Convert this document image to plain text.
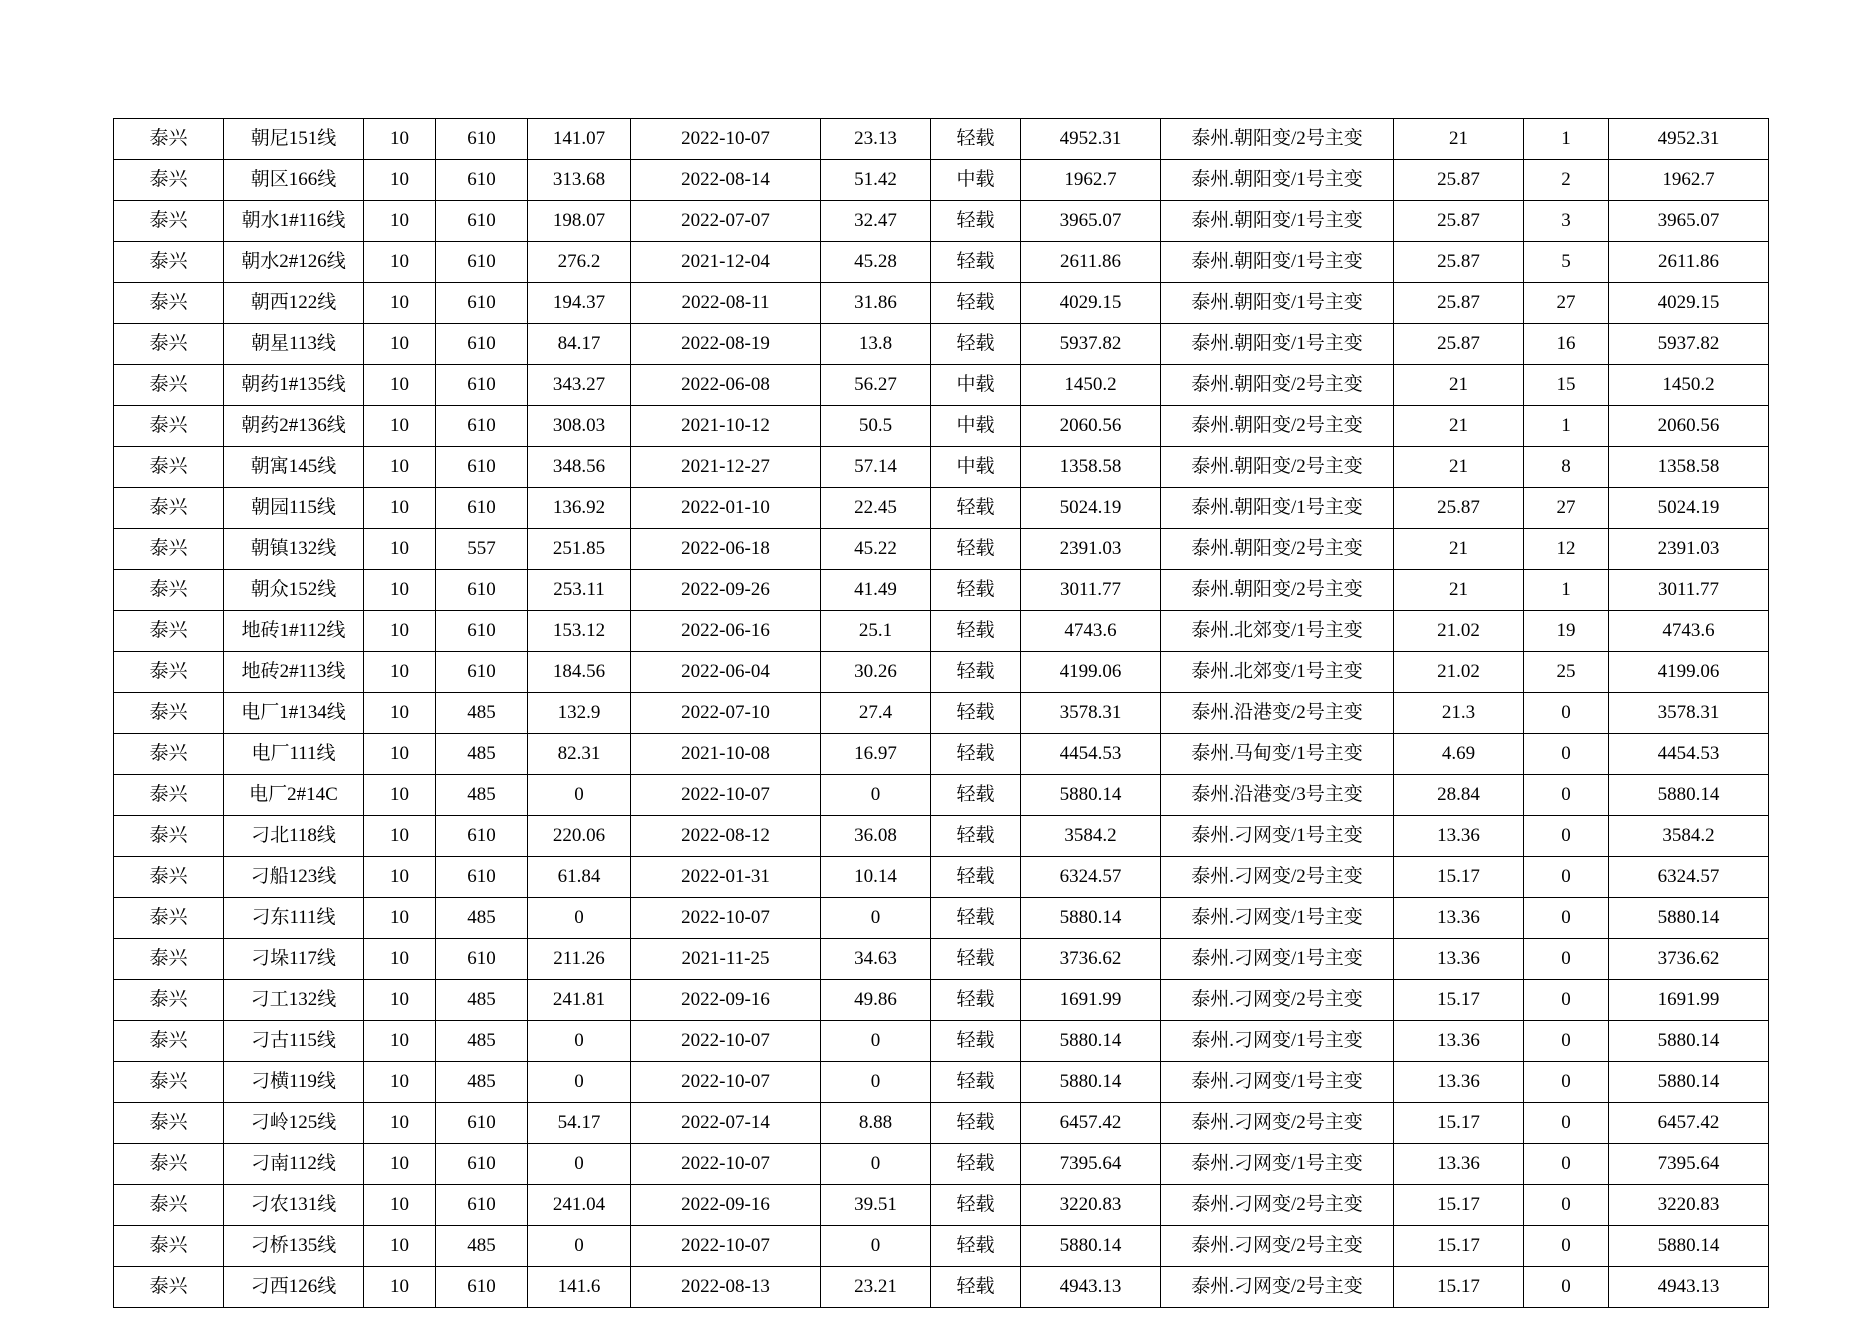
泰兴	朝尼151线	10	610	141.07	2022-10-07	23.13	轻载	4952.31	泰州.朝阳变/2号主变	21	1	4952.31
泰兴	朝区166线	10	610	313.68	2022-08-14	51.42	中载	1962.7	泰州.朝阳变/1号主变	25.87	2	1962.7
泰兴	朝水1#116线	10	610	198.07	2022-07-07	32.47	轻载	3965.07	泰州.朝阳变/1号主变	25.87	3	3965.07
泰兴	朝水2#126线	10	610	276.2	2021-12-04	45.28	轻载	2611.86	泰州.朝阳变/1号主变	25.87	5	2611.86
泰兴	朝西122线	10	610	194.37	2022-08-11	31.86	轻载	4029.15	泰州.朝阳变/1号主变	25.87	27	4029.15
泰兴	朝星113线	10	610	84.17	2022-08-19	13.8	轻载	5937.82	泰州.朝阳变/1号主变	25.87	16	5937.82
泰兴	朝药1#135线	10	610	343.27	2022-06-08	56.27	中载	1450.2	泰州.朝阳变/2号主变	21	15	1450.2
泰兴	朝药2#136线	10	610	308.03	2021-10-12	50.5	中载	2060.56	泰州.朝阳变/2号主变	21	1	2060.56
泰兴	朝寓145线	10	610	348.56	2021-12-27	57.14	中载	1358.58	泰州.朝阳变/2号主变	21	8	1358.58
泰兴	朝园115线	10	610	136.92	2022-01-10	22.45	轻载	5024.19	泰州.朝阳变/1号主变	25.87	27	5024.19
泰兴	朝镇132线	10	557	251.85	2022-06-18	45.22	轻载	2391.03	泰州.朝阳变/2号主变	21	12	2391.03
泰兴	朝众152线	10	610	253.11	2022-09-26	41.49	轻载	3011.77	泰州.朝阳变/2号主变	21	1	3011.77
泰兴	地砖1#112线	10	610	153.12	2022-06-16	25.1	轻载	4743.6	泰州.北郊变/1号主变	21.02	19	4743.6
泰兴	地砖2#113线	10	610	184.56	2022-06-04	30.26	轻载	4199.06	泰州.北郊变/1号主变	21.02	25	4199.06
泰兴	电厂1#134线	10	485	132.9	2022-07-10	27.4	轻载	3578.31	泰州.沿港变/2号主变	21.3	0	3578.31
泰兴	电厂111线	10	485	82.31	2021-10-08	16.97	轻载	4454.53	泰州.马甸变/1号主变	4.69	0	4454.53
泰兴	电厂2#14C	10	485	0	2022-10-07	0	轻载	5880.14	泰州.沿港变/3号主变	28.84	0	5880.14
泰兴	刁北118线	10	610	220.06	2022-08-12	36.08	轻载	3584.2	泰州.刁网变/1号主变	13.36	0	3584.2
泰兴	刁船123线	10	610	61.84	2022-01-31	10.14	轻载	6324.57	泰州.刁网变/2号主变	15.17	0	6324.57
泰兴	刁东111线	10	485	0	2022-10-07	0	轻载	5880.14	泰州.刁网变/1号主变	13.36	0	5880.14
泰兴	刁垛117线	10	610	211.26	2021-11-25	34.63	轻载	3736.62	泰州.刁网变/1号主变	13.36	0	3736.62
泰兴	刁工132线	10	485	241.81	2022-09-16	49.86	轻载	1691.99	泰州.刁网变/2号主变	15.17	0	1691.99
泰兴	刁古115线	10	485	0	2022-10-07	0	轻载	5880.14	泰州.刁网变/1号主变	13.36	0	5880.14
泰兴	刁横119线	10	485	0	2022-10-07	0	轻载	5880.14	泰州.刁网变/1号主变	13.36	0	5880.14
泰兴	刁岭125线	10	610	54.17	2022-07-14	8.88	轻载	6457.42	泰州.刁网变/2号主变	15.17	0	6457.42
泰兴	刁南112线	10	610	0	2022-10-07	0	轻载	7395.64	泰州.刁网变/1号主变	13.36	0	7395.64
泰兴	刁农131线	10	610	241.04	2022-09-16	39.51	轻载	3220.83	泰州.刁网变/2号主变	15.17	0	3220.83
泰兴	刁桥135线	10	485	0	2022-10-07	0	轻载	5880.14	泰州.刁网变/2号主变	15.17	0	5880.14
泰兴	刁西126线	10	610	141.6	2022-08-13	23.21	轻载	4943.13	泰州.刁网变/2号主变	15.17	0	4943.13
